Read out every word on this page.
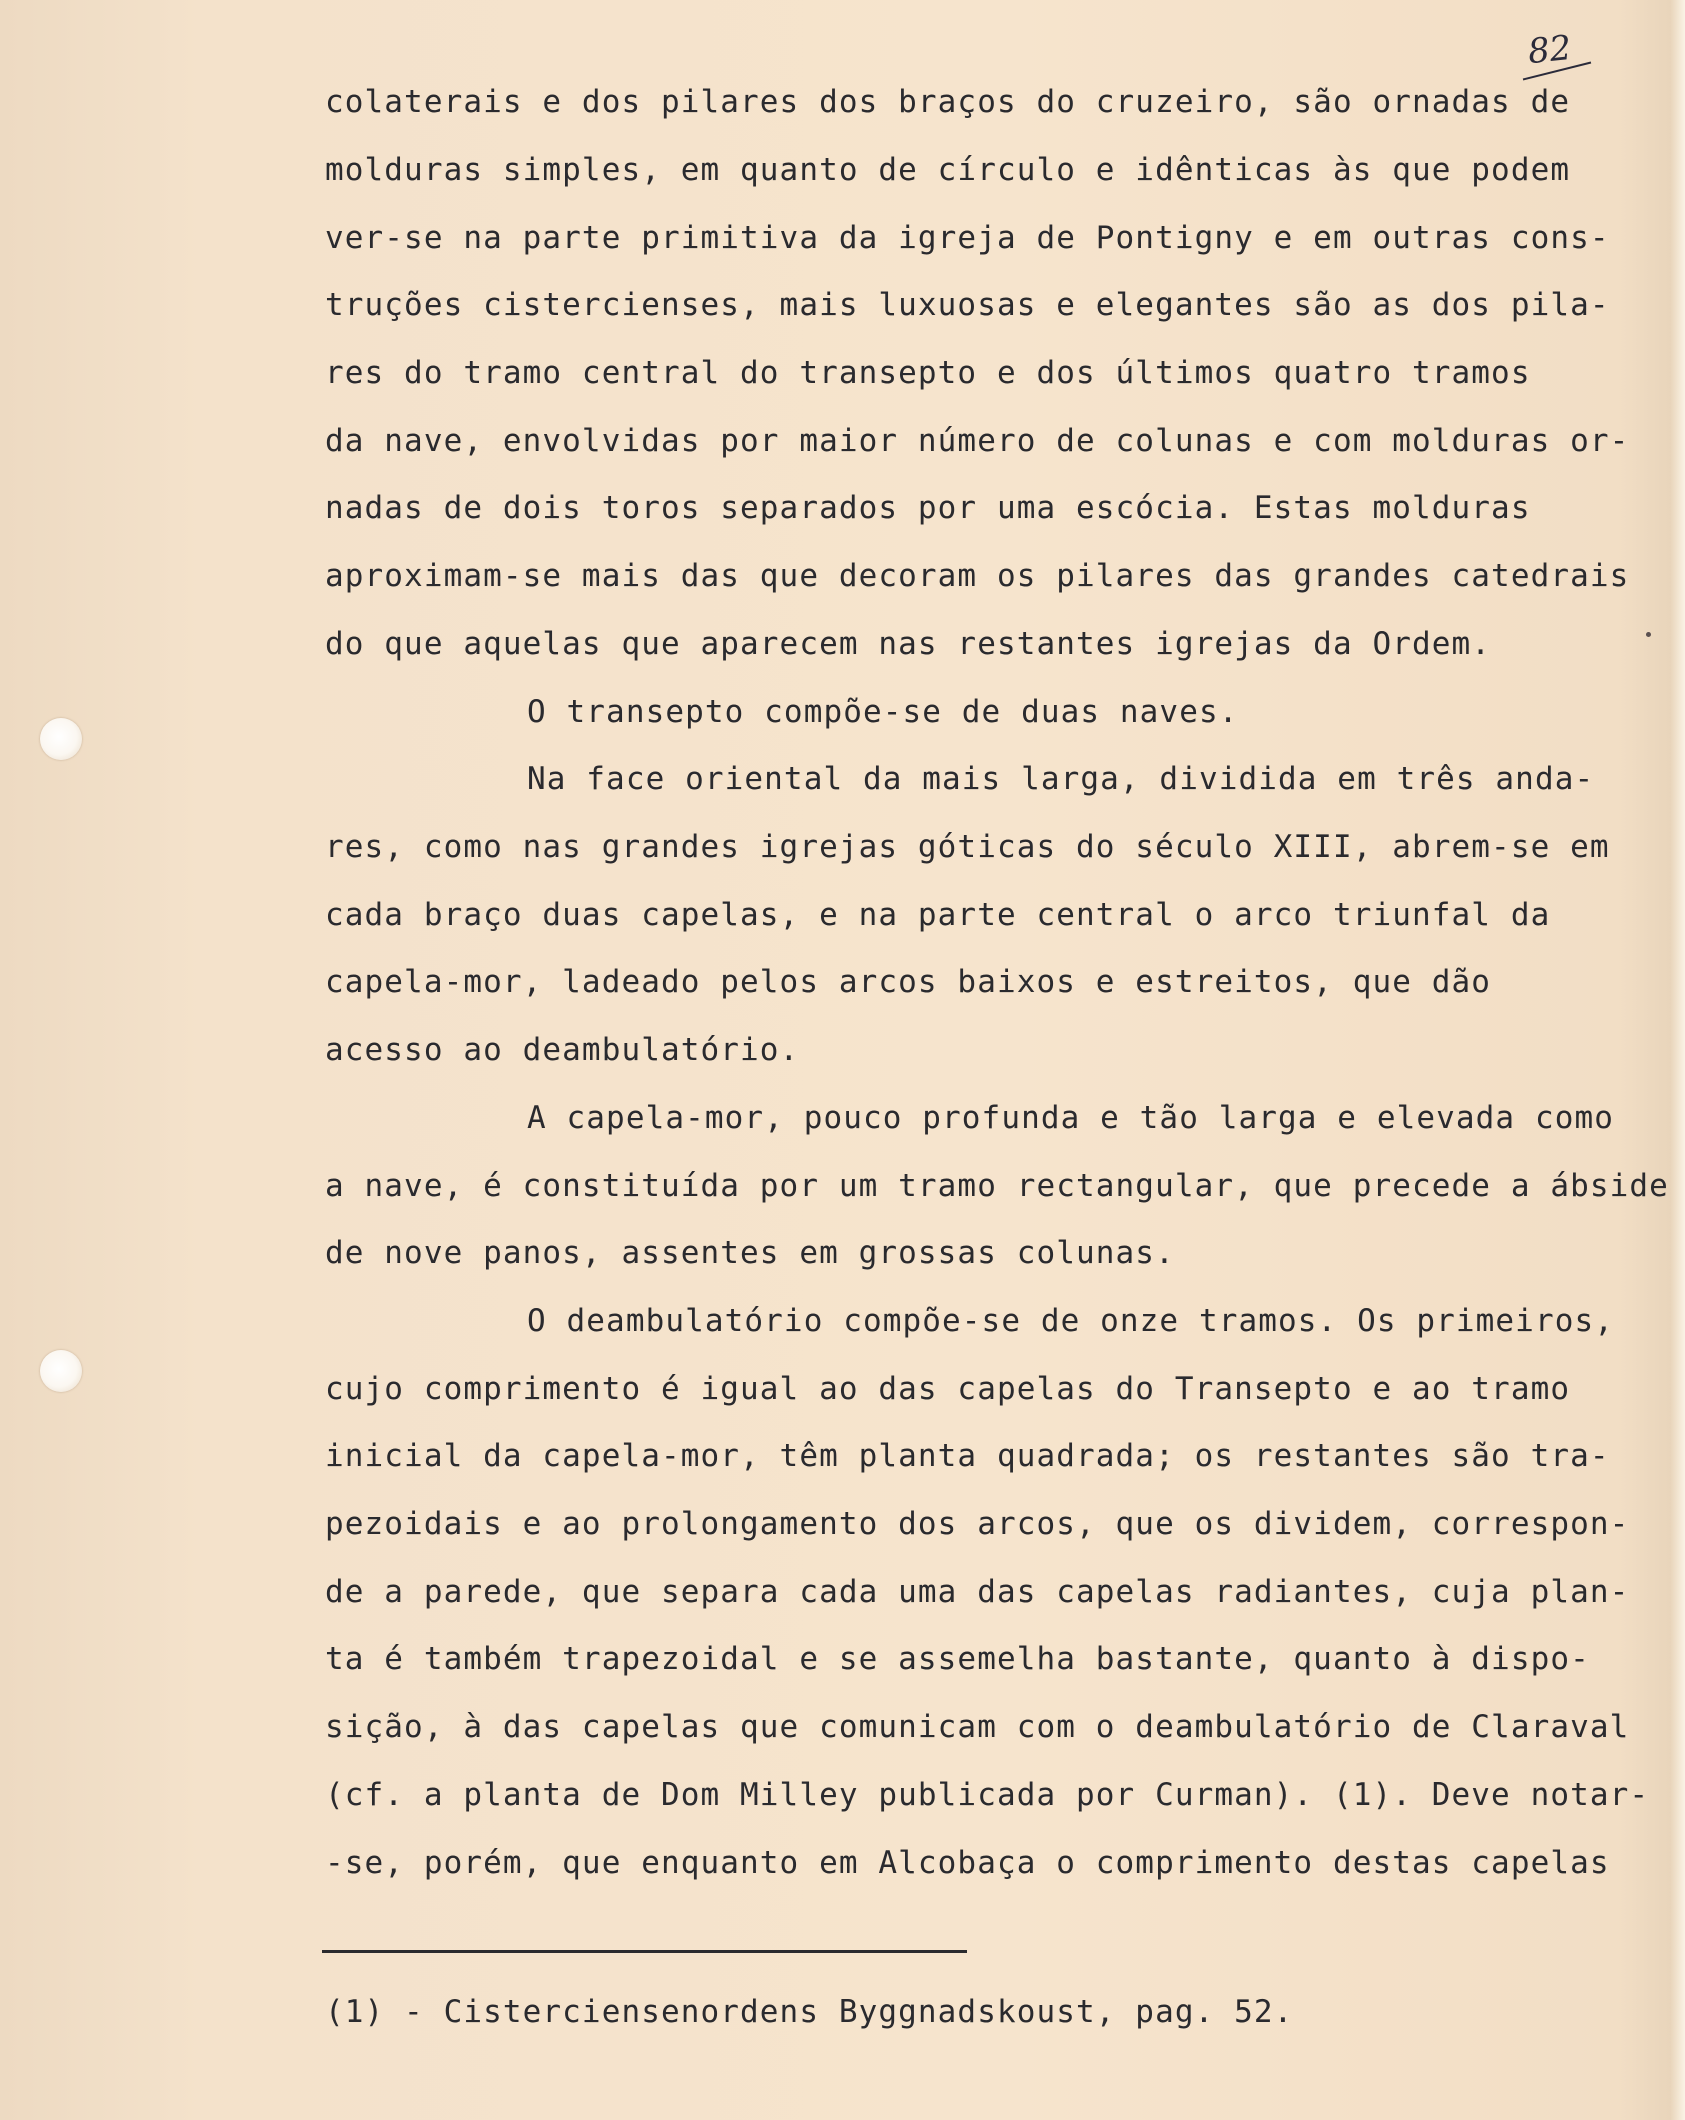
82

colaterais e dos pilares dos braços do cruzeiro, são ornadas de

molduras simples, em quanto de círculo e idênticas às que podem

ver-se na parte primitiva da igreja de Pontigny e em outras cons-

truções cistercienses, mais luxuosas e elegantes são as dos pila-

res do tramo central do transepto e dos últimos quatro tramos

da nave, envolvidas por maior número de colunas e com molduras or-

nadas de dois toros separados por uma escócia. Estas molduras

aproximam-se mais das que decoram os pilares das grandes catedrais

do que aquelas que aparecem nas restantes igrejas da Ordem.

O transepto compõe-se de duas naves.

Na face oriental da mais larga, dividida em três anda-

res, como nas grandes igrejas góticas do século XIII, abrem-se em

cada braço duas capelas, e na parte central o arco triunfal da

capela-mor, ladeado pelos arcos baixos e estreitos, que dão

acesso ao deambulatório.

A capela-mor, pouco profunda e tão larga e elevada como

a nave, é constituída por um tramo rectangular, que precede a ábside

de nove panos, assentes em grossas colunas.

O deambulatório compõe-se de onze tramos. Os primeiros,

cujo comprimento é igual ao das capelas do Transepto e ao tramo

inicial da capela-mor, têm planta quadrada; os restantes são tra-

pezoidais e ao prolongamento dos arcos, que os dividem, correspon-

de a parede, que separa cada uma das capelas radiantes, cuja plan-

ta é também trapezoidal e se assemelha bastante, quanto à dispo-

sição, à das capelas que comunicam com o deambulatório de Claraval

(cf. a planta de Dom Milley publicada por Curman). (1). Deve notar-

-se, porém, que enquanto em Alcobaça o comprimento destas capelas

(1) - Cisterciensenordens Byggnadskoust, pag. 52.
